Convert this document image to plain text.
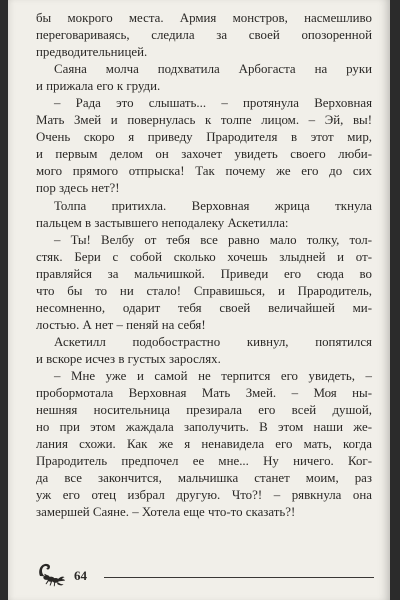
бы мокрого места. Армия монстров, насмешливо
переговариваясь, следила за своей опозоренной
предводительницей.
Саяна молча подхватила Арбогаста на руки
и прижала его к груди.
– Рада это слышать... – протянула Верховная
Мать Змей и повернулась к толпе лицом. – Эй, вы!
Очень скоро я приведу Прародителя в этот мир,
и первым делом он захочет увидеть своего люби-
мого прямого отпрыска! Так почему же его до сих
пор здесь нет?!
Толпа притихла. Верховная жрица ткнула
пальцем в застывшего неподалеку Аскетилла:
– Ты! Велбу от тебя все равно мало толку, тол-
стяк. Бери с собой сколько хочешь злыдней и от-
правляйся за мальчишкой. Приведи его сюда во
что бы то ни стало! Справишься, и Прародитель,
несомненно, одарит тебя своей величайшей ми-
лостью. А нет – пеняй на себя!
Аскетилл подобострастно кивнул, попятился
и вскоре исчез в густых зарослях.
– Мне уже и самой не терпится его увидеть, –
пробормотала Верховная Мать Змей. – Моя ны-
нешняя носительница презирала его всей душой,
но при этом жаждала заполучить. В этом наши же-
лания схожи. Как же я ненавидела его мать, когда
Прародитель предпочел ее мне... Ну ничего. Ког-
да все закончится, мальчишка станет моим, раз
уж его отец избрал другую. Что?! – рявкнула она
замершей Саяне. – Хотела еще что-то сказать?!
64
